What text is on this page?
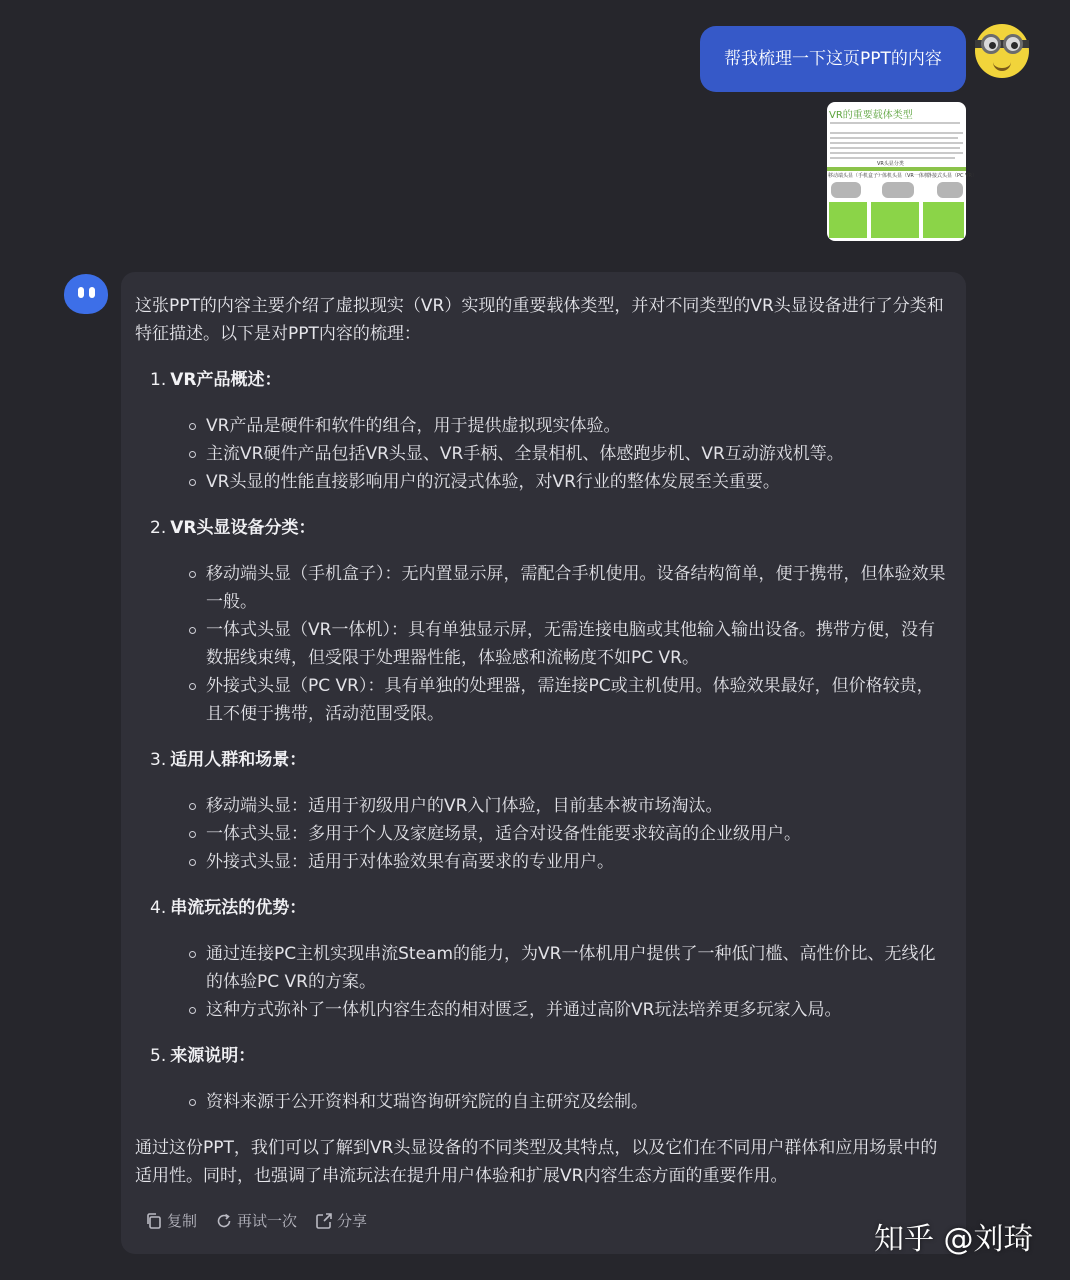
帮我梳理一下这页PPT的内容
VR的重要载体类型
VR头显分类
移动端头显（手机盒子）
一体机头显（VR一体机）
外接式头显（PC VR）

这张PPT的内容主要介绍了虚拟现实（VR）实现的重要载体类型，并对不同类型的VR头显设备进行了分类和特征描述。以下是对PPT内容的梳理：

1. VR产品概述：
VR产品是硬件和软件的组合，用于提供虚拟现实体验。
主流VR硬件产品包括VR头显、VR手柄、全景相机、体感跑步机、VR互动游戏机等。
VR头显的性能直接影响用户的沉浸式体验，对VR行业的整体发展至关重要。
2. VR头显设备分类：
移动端头显（手机盒子）：无内置显示屏，需配合手机使用。设备结构简单，便于携带，但体验效果一般。
一体式头显（VR一体机）：具有单独显示屏，无需连接电脑或其他输入输出设备。携带方便，没有数据线束缚，但受限于处理器性能，体验感和流畅度不如PC VR。
外接式头显（PC VR）：具有单独的处理器，需连接PC或主机使用。体验效果最好，但价格较贵，且不便于携带，活动范围受限。
3. 适用人群和场景：
移动端头显：适用于初级用户的VR入门体验，目前基本被市场淘汰。
一体式头显：多用于个人及家庭场景，适合对设备性能要求较高的企业级用户。
外接式头显：适用于对体验效果有高要求的专业用户。
4. 串流玩法的优势：
通过连接PC主机实现串流Steam的能力，为VR一体机用户提供了一种低门槛、高性价比、无线化的体验PC VR的方案。
这种方式弥补了一体机内容生态的相对匮乏，并通过高阶VR玩法培养更多玩家入局。
5. 来源说明：
资料来源于公开资料和艾瑞咨询研究院的自主研究及绘制。

通过这份PPT，我们可以了解到VR头显设备的不同类型及其特点，以及它们在不同用户群体和应用场景中的适用性。同时，也强调了串流玩法在提升用户体验和扩展VR内容生态方面的重要作用。

复制	再试一次	分享
知乎 @刘琦
